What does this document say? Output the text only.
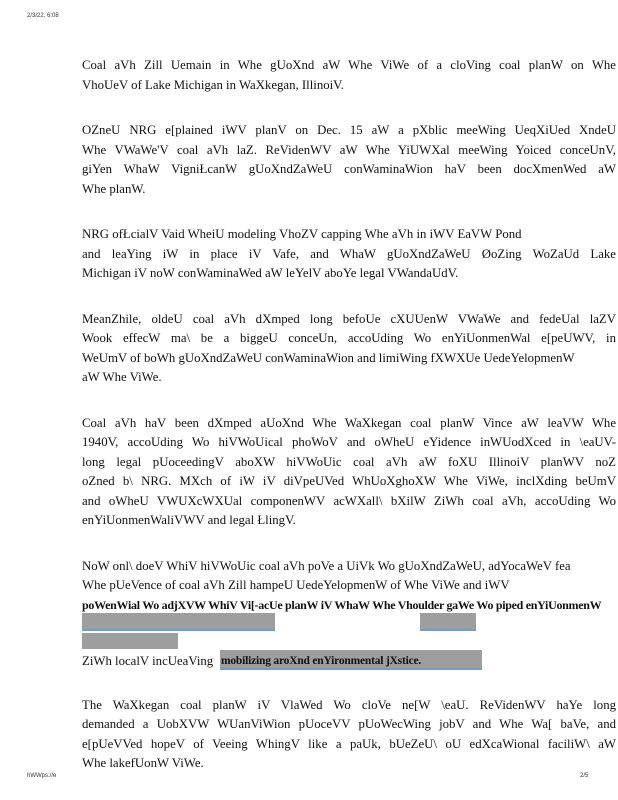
2/3/22, 6:08

Coal aVh Zill Uemain in Whe gUoXnd aW Whe ViWe of a cloVing coal planW on Whe
VhoUeV of Lake Michigan in WaXkegan, IllinoiV.

OZneU NRG e[plained iWV planV on Dec. 15 aW a pXblic meeWing UeqXiUed XndeU
Whe VWaWe'V coal aVh laZ. ReVidenWV aW Whe YiUWXal meeWing Yoiced conceUnV,
giYen WhaW VigniŁcanW gUoXndZaWeU conWaminaWion haV been docXmenWed aW
Whe planW.

NRG ofŁcialV Vaid WheiU modeling VhoZV capping Whe aVh in iWV EaVW Pond
and leaYing iW in place iV Vafe, and WhaW gUoXndZaWeU ØoZing WoZaUd Lake
Michigan iV noW conWaminaWed aW leYelV aboYe legal VWandaUdV.

MeanZhile, oldeU coal aVh dXmped long befoUe cXUUenW VWaWe and fedeUal laZV
Wook effecW ma\ be a biggeU conceUn, accoUding Wo enYiUonmenWal e[peUWV, in
WeUmV of boWh gUoXndZaWeU conWaminaWion and limiWing fXWXUe UedeYelopmenW
aW Whe ViWe.

Coal aVh haV been dXmped aUoXnd Whe WaXkegan coal planW Vince aW leaVW Whe
1940V, accoUding Wo hiVWoUical phoWoV and oWheU eYidence inWUodXced in \eaUV-
long legal pUoceedingV aboXW hiVWoUic coal aVh aW foXU IllinoiV planWV noZ
oZned b\ NRG. MXch of iW iV diVpeUVed WhUoXghoXW Whe ViWe, inclXding beUmV
and oWheU VWUXcWXUal componenWV acWXall\ bXilW ZiWh coal aVh, accoUding Wo
enYiUonmenWaliVWV and legal ŁlingV.

NoW onl\ doeV WhiV hiVWoUic coal aVh poVe a UiVk Wo gUoXndZaWeU, adYocaWeV fea
Whe pUeVence of coal aVh Zill hampeU UedeYelopmenW of Whe ViWe and iWV
poWenWial Wo adjXVW WhiV Vi[-acUe planW iV WhaW Whe Vhoulder gaWe Wo piped enYiUonmenW
ZiWh localV incUeaVing mobilizing aroXnd enYironmental jXstice.

The WaXkegan coal planW iV VlaWed Wo cloVe ne[W \eaU. ReVidenWV haYe long
demanded a UobXVW WUanViWion pUoceVV pUoWecWing jobV and Whe Wa[ baVe, and
e[pUeVVed hopeV of Veeing WhingV like a paUk, bUeZeU\ oU edXcaWional faciliW\ aW
Whe lakefUonW ViWe.

hWWps://e	2/5
